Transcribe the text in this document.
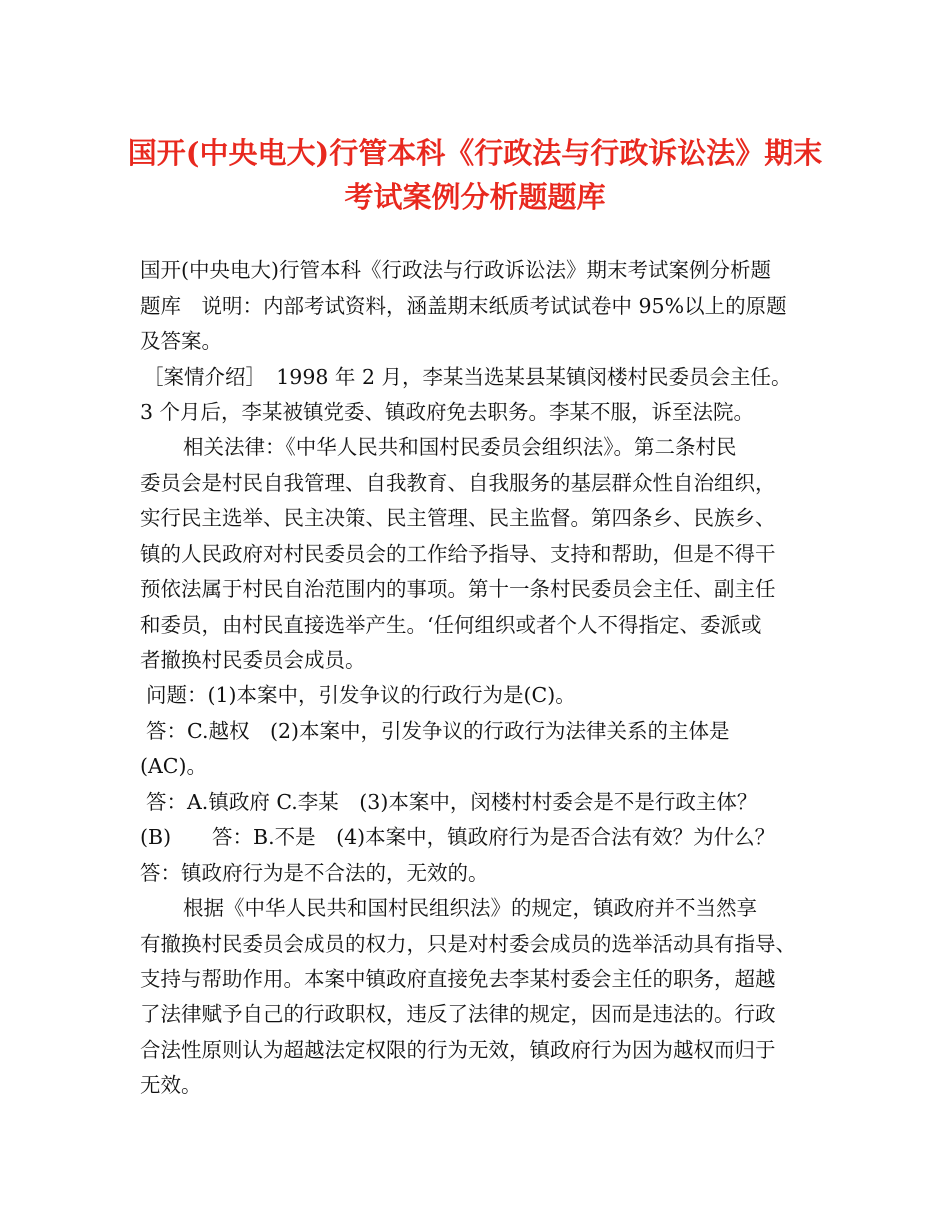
国开(中央电大)行管本科《行政法与行政诉讼法》期末
考试案例分析题题库
国开(中央电大)行管本科《行政法与行政诉讼法》期末考试案例分析题
题库　说明：内部考试资料，涵盖期末纸质考试试卷中 95%以上的原题
及答案。
［案情介绍］　1998 年 2 月，李某当选某县某镇闵楼村民委员会主任。
3 个月后，李某被镇党委、镇政府免去职务。李某不服，诉至法院。
相关法律：《中华人民共和国村民委员会组织法》。第二条村民
委员会是村民自我管理、自我教育、自我服务的基层群众性自治组织，
实行民主选举、民主决策、民主管理、民主监督。第四条乡、民族乡、
镇的人民政府对村民委员会的工作给予指导、支持和帮助，但是不得干
预依法属于村民自治范围内的事项。第十一条村民委员会主任、副主任
和委员，由村民直接选举产生。‘任何组织或者个人不得指定、委派或
者撤换村民委员会成员。
问题：(1)本案中，引发争议的行政行为是(C)。
答：C.越权　(2)本案中，引发争议的行政行为法律关系的主体是
(AC)。
答：A.镇政府 C.李某　(3)本案中，闵楼村村委会是不是行政主体？
(B)　　答：B.不是　(4)本案中，镇政府行为是否合法有效？为什么？
答：镇政府行为是不合法的，无效的。
根据《中华人民共和国村民组织法》的规定，镇政府并不当然享
有撤换村民委员会成员的权力，只是对村委会成员的选举活动具有指导、
支持与帮助作用。本案中镇政府直接免去李某村委会主任的职务，超越
了法律赋予自己的行政职权，违反了法律的规定，因而是违法的。行政
合法性原则认为超越法定权限的行为无效，镇政府行为因为越权而归于
无效。
